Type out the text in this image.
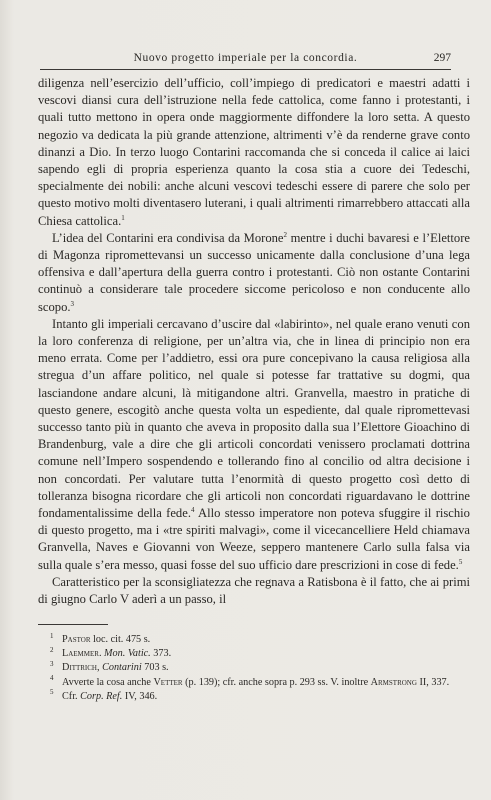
Nuovo progetto imperiale per la concordia.	297

diligenza nell’esercizio dell’ufficio, coll’impiego di predicatori e maestri adatti i vescovi diansi cura dell’istruzione nella fede cattolica, come fanno i protestanti, i quali tutto mettono in opera onde maggiormente diffondere la loro setta. A questo negozio va dedicata la più grande attenzione, altrimenti v’è da renderne grave conto dinanzi a Dio. In terzo luogo Contarini raccomanda che si conceda il calice ai laici sapendo egli di propria esperienza quanto la cosa stia a cuore dei Tedeschi, specialmente dei nobili: anche alcuni vescovi tedeschi essere di parere che solo per questo motivo molti diventasero luterani, i quali altrimenti rimarrebbero attaccati alla Chiesa cattolica.$^1$

L’idea del Contarini era condivisa da Morone$^2$ mentre i duchi bavaresi e l’Elettore di Magonza ripromettevansi un successo unicamente dalla conclusione d’una lega offensiva e dall’apertura della guerra contro i protestanti. Ciò non ostante Contarini continuò a considerare tale procedere siccome pericoloso e non conducente allo scopo.$^3$

Intanto gli imperiali cercavano d’uscire dal «labirinto», nel quale erano venuti con la loro conferenza di religione, per un’altra via, che in linea di principio non era meno errata. Come per l’addietro, essi ora pure concepivano la causa religiosa alla stregua d’un affare politico, nel quale si potesse far trattative su dogmi, qua lasciandone andare alcuni, là mitigandone altri. Granvella, maestro in pratiche di questo genere, escogitò anche questa volta un espediente, dal quale ripromettevasi successo tanto più in quanto che aveva in proposito dalla sua l’Elettore Gioachino di Brandenburg, vale a dire che gli articoli concordati venissero proclamati dottrina comune nell’Impero sospendendo e tollerando fino al concilio od altra decisione i non concordati. Per valutare tutta l’enormità di questo progetto così detto di tolleranza bisogna ricordare che gli articoli non concordati riguardavano le dottrine fondamentalissime della fede.$^4$ Allo stesso imperatore non poteva sfuggire il rischio di questo progetto, ma i «tre spiriti malvagi», come il vicecancelliere Held chiamava Granvella, Naves e Giovanni von Weeze, seppero mantenere Carlo sulla falsa via sulla quale s’era messo, quasi fosse del suo ufficio dare prescrizioni in cose di fede.$^5$

Caratteristico per la sconsigliatezza che regnava a Ratisbona è il fatto, che ai primi di giugno Carlo V aderì a un passo, il

1 Pastor loc. cit. 475 s.
2 Laemmer. Mon. Vatic. 373.
3 Dittrich, Contarini 703 s.
4 Avverte la cosa anche Vetter (p. 139); cfr. anche sopra p. 293 ss. V. inoltre Armstrong II, 337.
5 Cfr. Corp. Ref. IV, 346.
